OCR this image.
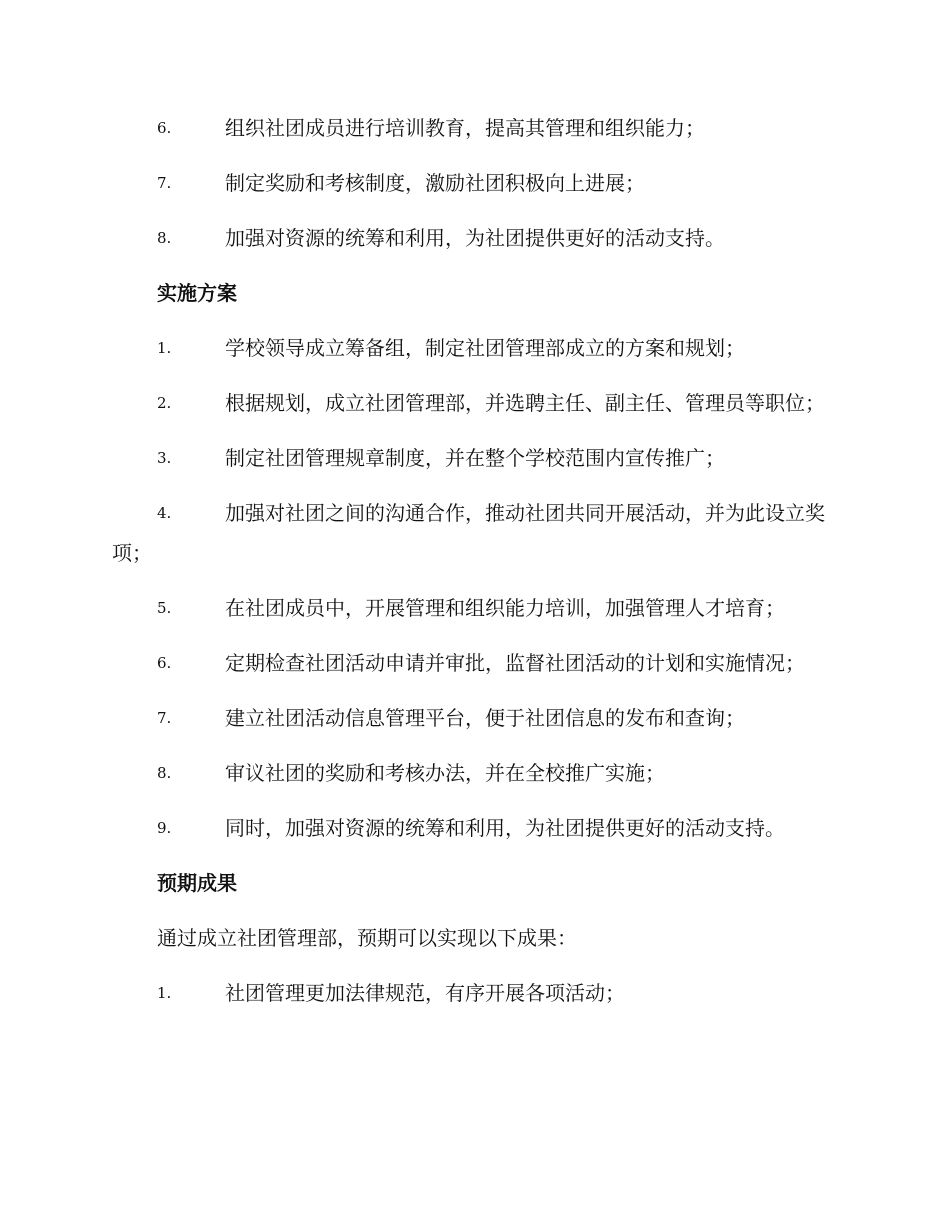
6.	组织社团成员进行培训教育，提高其管理和组织能力；
7.	制定奖励和考核制度，激励社团积极向上进展；
8.	加强对资源的统筹和利用，为社团提供更好的活动支持。
实施方案
1.	学校领导成立筹备组，制定社团管理部成立的方案和规划；
2.	根据规划，成立社团管理部，并选聘主任、副主任、管理员等职位；
3.	制定社团管理规章制度，并在整个学校范围内宣传推广；
4.	加强对社团之间的沟通合作，推动社团共同开展活动，并为此设立奖项；
5.	在社团成员中，开展管理和组织能力培训，加强管理人才培育；
6.	定期检查社团活动申请并审批，监督社团活动的计划和实施情况；
7.	建立社团活动信息管理平台，便于社团信息的发布和查询；
8.	审议社团的奖励和考核办法，并在全校推广实施；
9.	同时，加强对资源的统筹和利用，为社团提供更好的活动支持。
预期成果
通过成立社团管理部，预期可以实现以下成果：
1.	社团管理更加法律规范，有序开展各项活动；
